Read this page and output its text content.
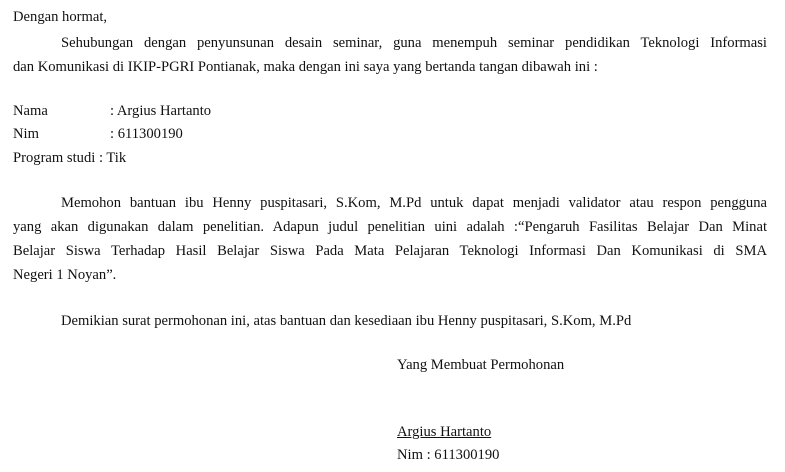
Dengan hormat,
Sehubungan dengan penyunsunan desain seminar, guna menempuh seminar pendidikan Teknologi Informasi
dan Komunikasi di IKIP-PGRI Pontianak, maka dengan ini saya yang bertanda tangan dibawah ini :
Nama	: Argius Hartanto
Nim	: 611300190
Program studi : Tik
Memohon bantuan ibu Henny puspitasari, S.Kom, M.Pd untuk dapat menjadi validator atau respon pengguna
yang akan digunakan dalam penelitian. Adapun judul penelitian uini adalah :“Pengaruh Fasilitas Belajar Dan Minat
Belajar Siswa Terhadap Hasil Belajar Siswa Pada Mata Pelajaran Teknologi Informasi Dan Komunikasi di SMA
Negeri 1 Noyan”.
Demikian surat permohonan ini, atas bantuan dan kesediaan ibu Henny puspitasari, S.Kom, M.Pd
Yang Membuat Permohonan
Argius Hartanto
Nim : 611300190
